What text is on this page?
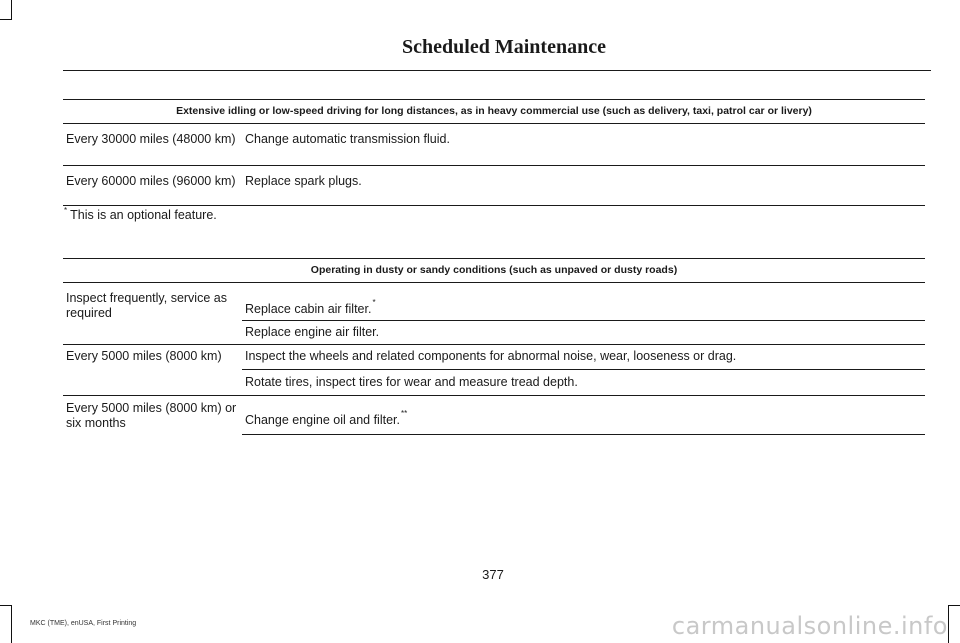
Scheduled Maintenance
Extensive idling or low-speed driving for long distances, as in heavy commercial use (such as delivery, taxi, patrol car or livery)	
Every 30000 miles (48000 km)	Change automatic transmission fluid.
Every 60000 miles (96000 km)	Replace spark plugs.
* This is an optional feature.
Operating in dusty or sandy conditions (such as unpaved or dusty roads)	
Inspect frequently, service as required	Replace cabin air filter.*
	Replace engine air filter.
Every 5000 miles (8000 km)	Inspect the wheels and related components for abnormal noise, wear, looseness or drag.
	Rotate tires, inspect tires for wear and measure tread depth.
Every 5000 miles (8000 km) or six months	Change engine oil and filter.**

377
MKC (TME), enUSA, First Printing	carmanualsonline.info
